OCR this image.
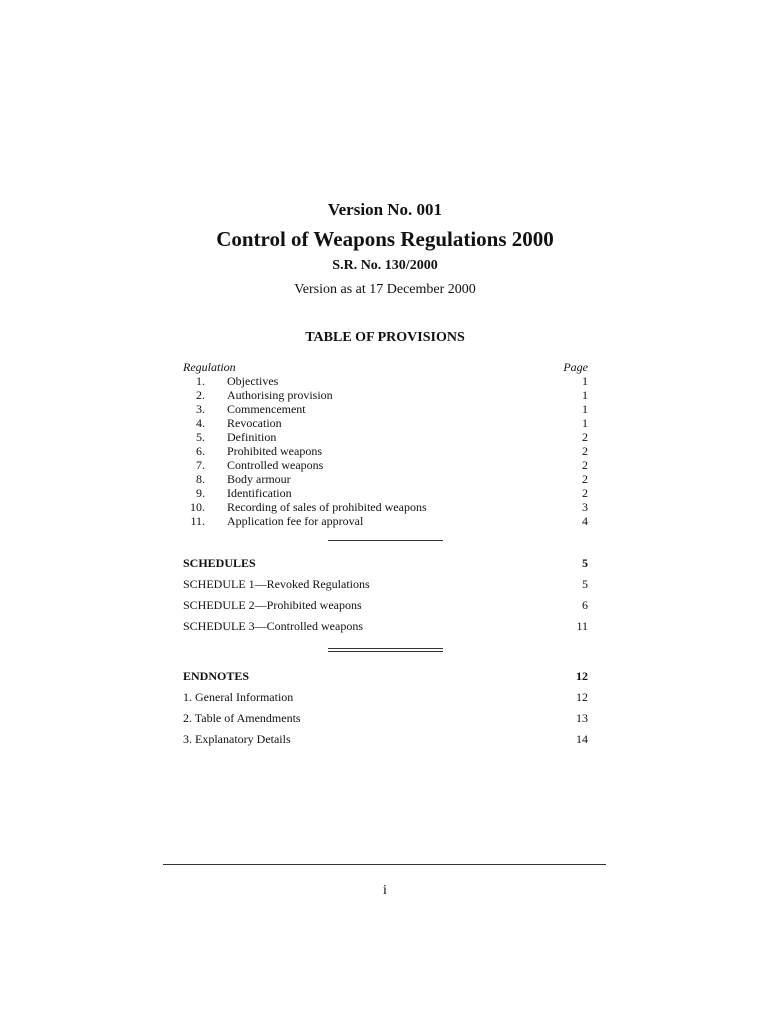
Version No. 001
Control of Weapons Regulations 2000
S.R. No. 130/2000
Version as at 17 December 2000
TABLE OF PROVISIONS
Regulation	Page
1. Objectives	1
2. Authorising provision	1
3. Commencement	1
4. Revocation	1
5. Definition	2
6. Prohibited weapons	2
7. Controlled weapons	2
8. Body armour	2
9. Identification	2
10. Recording of sales of prohibited weapons	3
11. Application fee for approval	4
SCHEDULES	5
SCHEDULE 1—Revoked Regulations	5
SCHEDULE 2—Prohibited weapons	6
SCHEDULE 3—Controlled weapons	11
ENDNOTES	12
1. General Information	12
2. Table of Amendments	13
3. Explanatory Details	14
i
